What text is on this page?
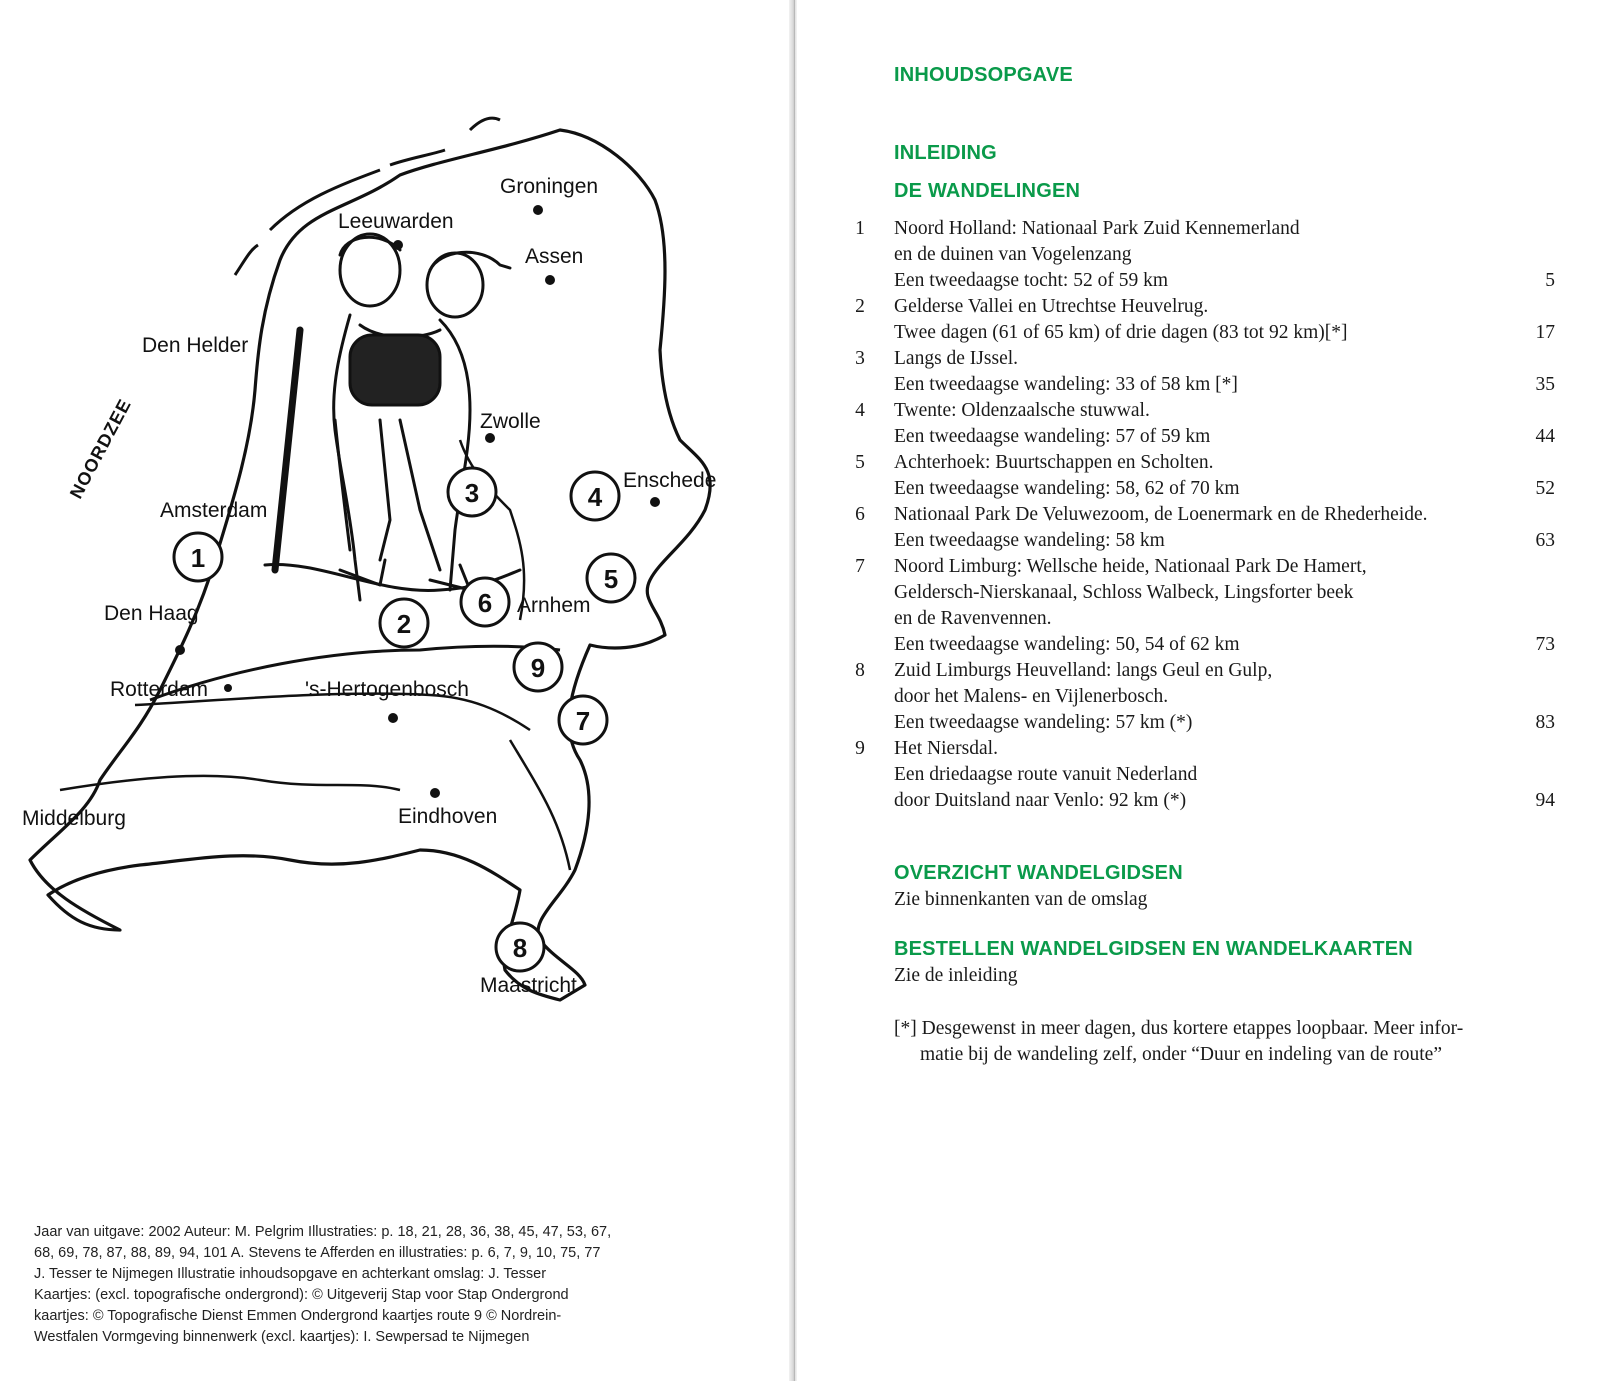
Groningen
Leeuwarden
Assen
Den Helder
Zwolle
Enschede
Amsterdam
Den Haag	Arnhem
Rotterdam	's-Hertogenbosch
Middelburg	Eindhoven
Maastricht
NOORDZEE
1
2
3	4
5
6
7
8
9
Jaar van uitgave: 2002 Auteur: M. Pelgrim Illustraties: p. 18, 21, 28, 36, 38, 45, 47, 53, 67,
68, 69, 78, 87, 88, 89, 94, 101 A. Stevens te Afferden en illustraties: p. 6, 7, 9, 10, 75, 77
J. Tesser te Nijmegen Illustratie inhoudsopgave en achterkant omslag: J. Tesser
Kaartjes: (excl. topografische ondergrond): © Uitgeverij Stap voor Stap Ondergrond
kaartjes: © Topografische Dienst Emmen Ondergrond kaartjes route 9 © Nordrein-
Westfalen Vormgeving binnenwerk (excl. kaartjes): I. Sewpersad te Nijmegen
INHOUDSOPGAVE
INLEIDING
DE WANDELINGEN
1 Noord Holland: Nationaal Park Zuid Kennemerland
en de duinen van Vogelenzang
Een tweedaagse tocht: 52 of 59 km	5
2 Gelderse Vallei en Utrechtse Heuvelrug.
Twee dagen (61 of 65 km) of drie dagen (83 tot 92 km)[*]	17
3 Langs de IJssel.
Een tweedaagse wandeling: 33 of 58 km [*]	35
4 Twente: Oldenzaalsche stuwwal.
Een tweedaagse wandeling: 57 of 59 km	44
5 Achterhoek: Buurtschappen en Scholten.
Een tweedaagse wandeling: 58, 62 of 70 km	52
6 Nationaal Park De Veluwezoom, de Loenermark en de Rhederheide.
Een tweedaagse wandeling: 58 km	63
7 Noord Limburg: Wellsche heide, Nationaal Park De Hamert,
Geldersch-Nierskanaal, Schloss Walbeck, Lingsforter beek
en de Ravenvennen.
Een tweedaagse wandeling: 50, 54 of 62 km	73
8 Zuid Limburgs Heuvelland: langs Geul en Gulp,
door het Malens- en Vijlenerbosch.
Een tweedaagse wandeling: 57 km (*)	83
9 Het Niersdal.
Een driedaagse route vanuit Nederland
door Duitsland naar Venlo: 92 km (*)	94
OVERZICHT WANDELGIDSEN
Zie binnenkanten van de omslag
BESTELLEN WANDELGIDSEN EN WANDELKAARTEN
Zie de inleiding
[*] Desgewenst in meer dagen, dus kortere etappes loopbaar. Meer infor-
matie bij de wandeling zelf, onder “Duur en indeling van de route”
